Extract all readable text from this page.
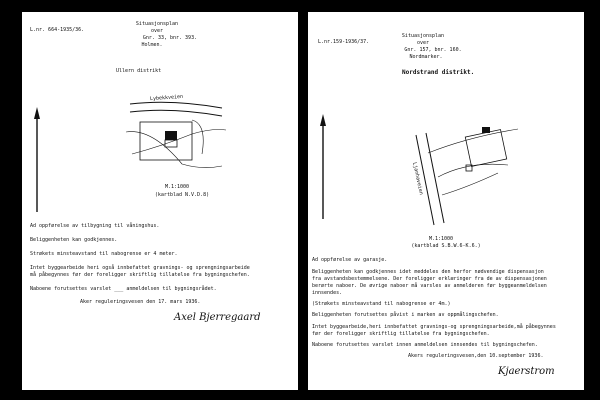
L.nr. 664-1935/36.
Situasjonsplan
over
Gnr. 33, bnr. 393.
Holmen.
Ullern distrikt
Lybekkveien
M.1:1000
(kartblad N.V.D.8)
Ad oppførelse av tilbygning til våningshus.
Beliggenheten kan godkjennes.
Strøkets minsteavstand til nabogrense er 4 meter.
Intet byggearbeide heri også innbefattet gravnings- og sprengningsarbeide
må påbegynnes før der foreligger skriftlig tillatelse fra bygningschefen.
Naboene forutsettes varslet ___ anmeldelsen til bygningsrådet.
Aker reguleringsvesen den 17. mars 1936.
Axel Bjerregaard
L.nr.159-1936/37.
Situasjonsplan
over
Gnr. 157, bnr. 160.
Nordmarker.
Nordstrand distrikt.
Ljanhaveien
M.1:1000
(kartblad S.B.W.6-K.6.)
Ad oppførelse av garasje.
Beliggenheten kan godkjennes idet meddeles den herfor nødvendige dispensasjon
fra avstandsbestemmelsene. Der foreligger erklæringer fra de av dispensasjonen
berørte naboer. De øvrige naboer må varsles av anmelderen før byggeanmeldelsen
innsendes.
(Strøkets minsteavstand til nabogrense er 4m.)
Beliggenheten forutsettes påvist i marken av oppmålingschefen.
Intet byggearbeide,heri innbefattet gravnings-og sprengningsarbeide,må påbegynnes
før der foreligger skriftlig tillatelse fra bygningschefen.
Naboene forutsettes varslet innen anmeldelsen innsendes til bygningschefen.
Akers reguleringsvesen,den 10.september 1936.
Kjaerstrom
